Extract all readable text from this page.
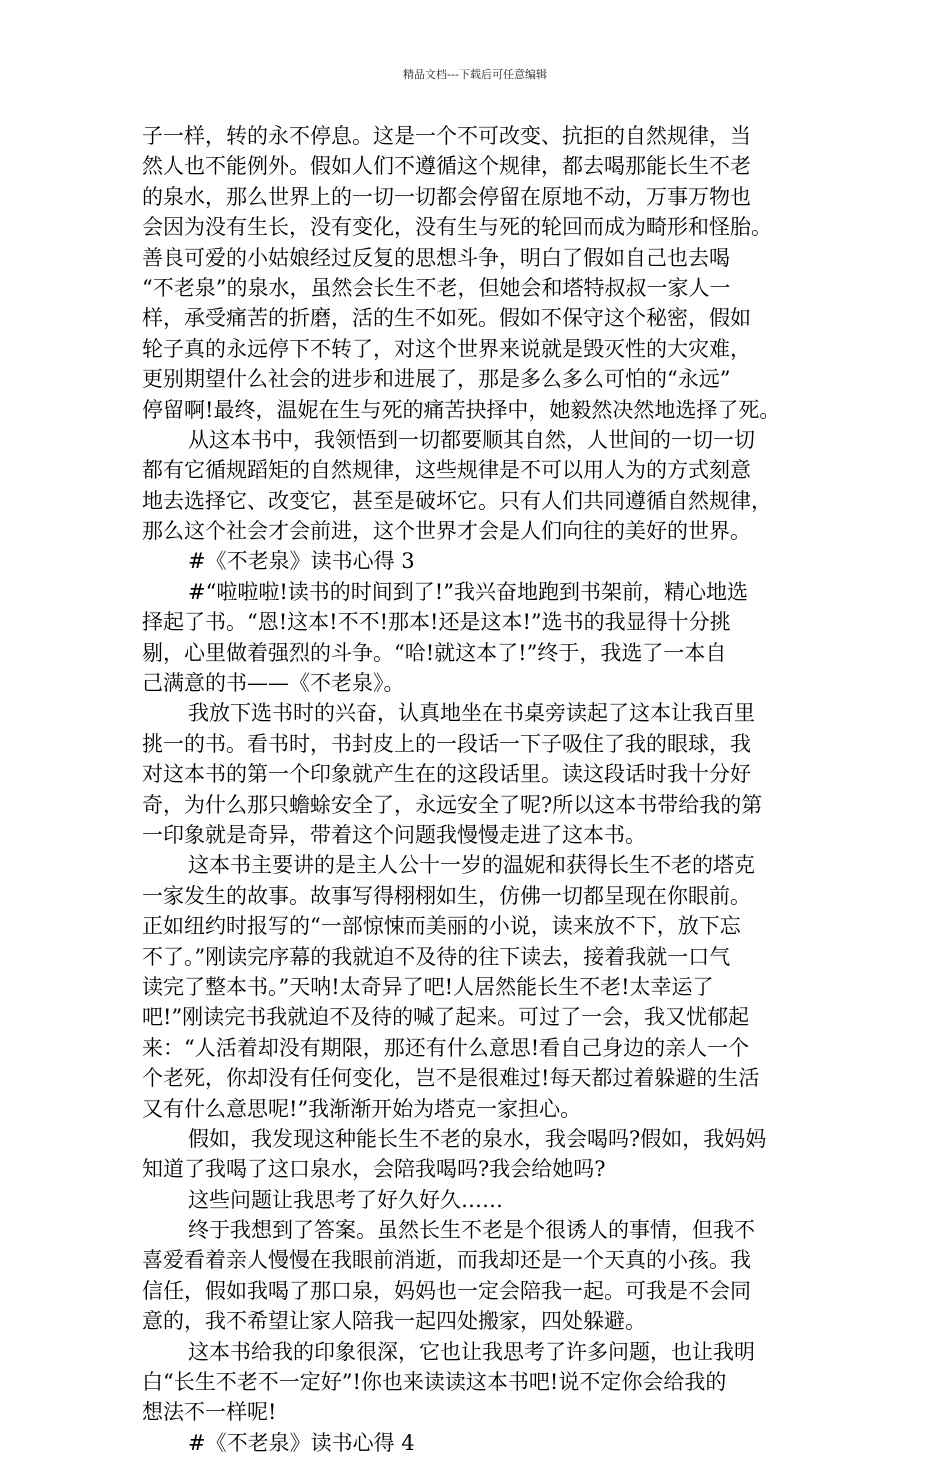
精品文档---下载后可任意编辑
子一样，转的永不停息。这是一个不可改变、抗拒的自然规律，当
然人也不能例外。假如人们不遵循这个规律，都去喝那能长生不老
的泉水，那么世界上的一切一切都会停留在原地不动，万事万物也
会因为没有生长，没有变化，没有生与死的轮回而成为畸形和怪胎。
善良可爱的小姑娘经过反复的思想斗争，明白了假如自己也去喝
“不老泉”的泉水，虽然会长生不老，但她会和塔特叔叔一家人一
样，承受痛苦的折磨，活的生不如死。假如不保守这个秘密，假如
轮子真的永远停下不转了，对这个世界来说就是毁灭性的大灾难，
更别期望什么社会的进步和进展了，那是多么多么可怕的“永远”
停留啊!最终，温妮在生与死的痛苦抉择中，她毅然决然地选择了死。
从这本书中，我领悟到一切都要顺其自然，人世间的一切一切
都有它循规蹈矩的自然规律，这些规律是不可以用人为的方式刻意
地去选择它、改变它，甚至是破坏它。只有人们共同遵循自然规律，
那么这个社会才会前进，这个世界才会是人们向往的美好的世界。
#《不老泉》读书心得 3
#“啦啦啦!读书的时间到了!”我兴奋地跑到书架前，精心地选
择起了书。“恩!这本!不不!那本!还是这本!”选书的我显得十分挑
剔，心里做着强烈的斗争。“哈!就这本了!”终于，我选了一本自
己满意的书——《不老泉》。
我放下选书时的兴奋，认真地坐在书桌旁读起了这本让我百里
挑一的书。看书时，书封皮上的一段话一下子吸住了我的眼球，我
对这本书的第一个印象就产生在的这段话里。读这段话时我十分好
奇，为什么那只蟾蜍安全了，永远安全了呢?所以这本书带给我的第
一印象就是奇异，带着这个问题我慢慢走进了这本书。
这本书主要讲的是主人公十一岁的温妮和获得长生不老的塔克
一家发生的故事。故事写得栩栩如生，仿佛一切都呈现在你眼前。
正如纽约时报写的“一部惊悚而美丽的小说，读来放不下，放下忘
不了。”刚读完序幕的我就迫不及待的往下读去，接着我就一口气
读完了整本书。”天呐!太奇异了吧!人居然能长生不老!太幸运了
吧!”刚读完书我就迫不及待的喊了起来。可过了一会，我又忧郁起
来：“人活着却没有期限，那还有什么意思!看自己身边的亲人一个
个老死，你却没有任何变化，岂不是很难过!每天都过着躲避的生活
又有什么意思呢!”我渐渐开始为塔克一家担心。
假如，我发现这种能长生不老的泉水，我会喝吗?假如，我妈妈
知道了我喝了这口泉水，会陪我喝吗?我会给她吗?
这些问题让我思考了好久好久……
终于我想到了答案。虽然长生不老是个很诱人的事情，但我不
喜爱看着亲人慢慢在我眼前消逝，而我却还是一个天真的小孩。我
信任，假如我喝了那口泉，妈妈也一定会陪我一起。可我是不会同
意的，我不希望让家人陪我一起四处搬家，四处躲避。
这本书给我的印象很深，它也让我思考了许多问题，也让我明
白“长生不老不一定好”!你也来读读这本书吧!说不定你会给我的
想法不一样呢!
#《不老泉》读书心得 4
